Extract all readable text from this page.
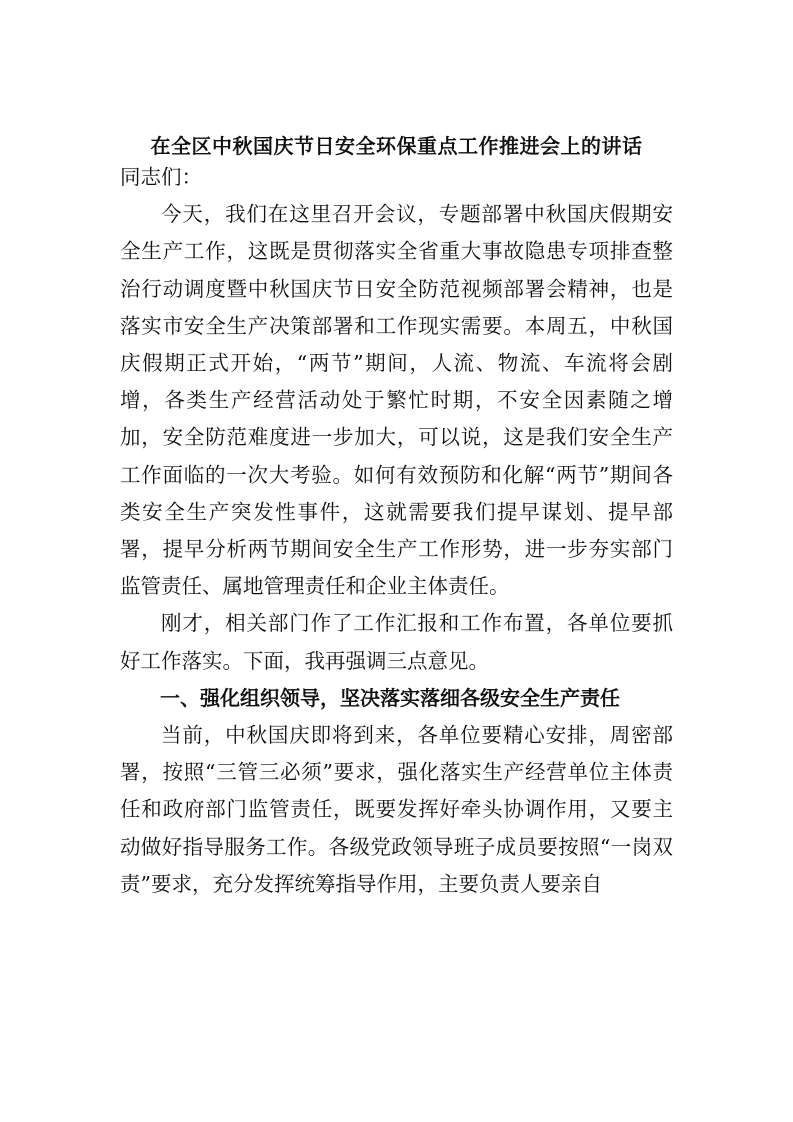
在全区中秋国庆节日安全环保重点工作推进会上的讲话

同志们：

今天，我们在这里召开会议，专题部署中秋国庆假期安全生产工作，这既是贯彻落实全省重大事故隐患专项排查整治行动调度暨中秋国庆节日安全防范视频部署会精神，也是落实市安全生产决策部署和工作现实需要。本周五，中秋国庆假期正式开始，“两节”期间，人流、物流、车流将会剧增，各类生产经营活动处于繁忙时期，不安全因素随之增加，安全防范难度进一步加大，可以说，这是我们安全生产工作面临的一次大考验。如何有效预防和化解“两节”期间各类安全生产突发性事件，这就需要我们提早谋划、提早部署，提早分析两节期间安全生产工作形势，进一步夯实部门监管责任、属地管理责任和企业主体责任。

刚才，相关部门作了工作汇报和工作布置，各单位要抓好工作落实。下面，我再强调三点意见。

一、强化组织领导，坚决落实落细各级安全生产责任

当前，中秋国庆即将到来，各单位要精心安排，周密部署，按照“三管三必须”要求，强化落实生产经营单位主体责任和政府部门监管责任，既要发挥好牵头协调作用，又要主动做好指导服务工作。各级党政领导班子成员要按照“一岗双责”要求，充分发挥统筹指导作用，主要负责人要亲自
